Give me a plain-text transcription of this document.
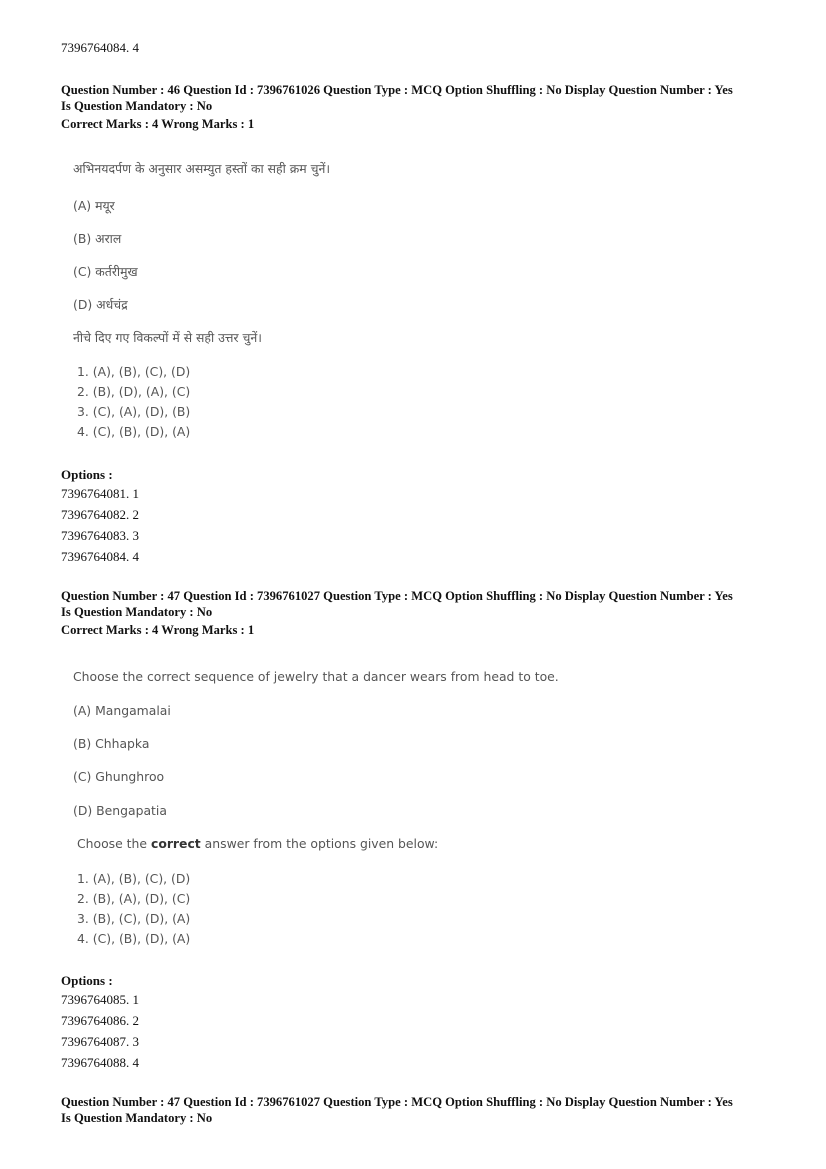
7396764084. 4
Question Number : 46 Question Id : 7396761026 Question Type : MCQ Option Shuffling : No Display Question Number : Yes
Is Question Mandatory : No
Correct Marks : 4 Wrong Marks : 1
अभिनयदर्पण के अनुसार असम्युत हस्तों का सही क्रम चुनें।
(A) मयूर
(B) अराल
(C) कर्तरीमुख
(D) अर्धचंद्र
नीचे दिए गए विकल्पों में से सही उत्तर चुनें।
1. (A), (B), (C), (D)
2. (B), (D), (A), (C)
3. (C), (A), (D), (B)
4. (C), (B), (D), (A)
Options :
7396764081. 1
7396764082. 2
7396764083. 3
7396764084. 4
Question Number : 47 Question Id : 7396761027 Question Type : MCQ Option Shuffling : No Display Question Number : Yes
Is Question Mandatory : No
Correct Marks : 4 Wrong Marks : 1
Choose the correct sequence of jewelry that a dancer wears from head to toe.
(A) Mangamalai
(B) Chhapka
(C) Ghunghroo
(D) Bengapatia
Choose the correct answer from the options given below:
1. (A), (B), (C), (D)
2. (B), (A), (D), (C)
3. (B), (C), (D), (A)
4. (C), (B), (D), (A)
Options :
7396764085. 1
7396764086. 2
7396764087. 3
7396764088. 4
Question Number : 47 Question Id : 7396761027 Question Type : MCQ Option Shuffling : No Display Question Number : Yes
Is Question Mandatory : No
